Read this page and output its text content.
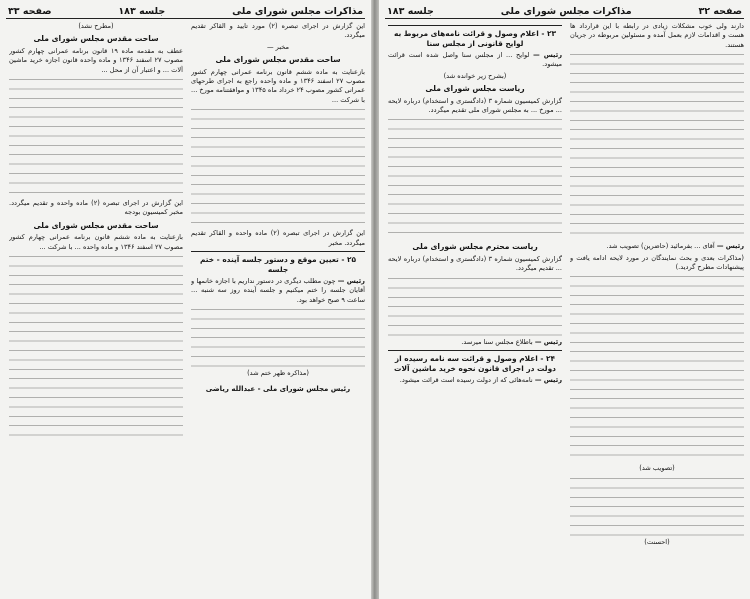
مذاکرات مجلس شورای ملی
جلسه ۱۸۳
صفحه ۳۳

اين گزارش در اجرای تبصره (۲) مورد تاييد و القاكر تقديم ميگردد.

مخبر —

ساحت مقدس مجلس شورای ملی

بازعنايت به ماده ششم قانون برنامه عمرانی چهارم كشور مصوب ۲۷ اسفند ۱۳۴۶ و ماده واحده راجع به اجرای طرحهای عمرانی كشور مصوب ۲۴ خرداد ماه ۱۳۴۵ و موافقتنامه مورخ ... با شركت ...

اين گزارش در اجرای تبصره (۲) ماده واحده و القاكر تقديم ميگردد. مخبر

۲۵ - تعيين موقع و دستور جلسه آينده - ختم جلسه

رئيس — چون مطلب ديگری در دستور نداريم با اجازه خانمها و آقايان جلسه را ختم ميكنيم و جلسه آينده روز سه شنبه ... ساعت ۹ صبح خواهد بود.

(مذاكره ظهر ختم شد)

رئيس مجلس شورای ملی - عبدالله رياضی

(مطرح نشد)

ساحت مقدس مجلس شورای ملی

عطف به مقدمه ماده ۱۹ قانون برنامه عمرانی چهارم كشور مصوب ۲۷ اسفند ۱۳۴۶ و ماده واحده قانون اجازه خريد ماشين آلات ... و اعتبار آن از محل ...

اين گزارش در اجرای تبصره (۲) ماده واحده و تقديم ميگردد. مخبر كميسيون بودجه

ساحت مقدس مجلس شورای ملی

بازعنايت به ماده ششم قانون برنامه عمرانی چهارم كشور مصوب ۲۷ اسفند ۱۳۴۶ و ماده واحده ... با شركت ...

صفحه ۳۲
مذاكرات مجلس شورای ملی
جلسه ۱۸۳

دارند ولی خوب مشكلات زيادی در رابطه با اين قرارداد ها هست و اقدامات لازم بعمل آمده و مسئولين مربوطه در جريان هستند.

رئيس — آقای ... بفرمائيد (حاضرين) تصويب شد.

(مذاكرات بعدی و بحث نمايندگان در مورد لايحه ادامه يافت و پيشنهادات مطرح گرديد.)

(تصويب شد)

(احسنت)

۲۳ - اعلام وصول و قرائت نامه‌های مربوط به لوايح قانونی از مجلس سنا

رئيس — لوايح ... از مجلس سنا واصل شده است قرائت ميشود.

(بشرح زير خوانده شد)

رياست مجلس شورای ملی

گزارش كميسيون شماره ۳ (دادگستری و استخدام) درباره لايحه ... مورخ ... به مجلس شورای ملی تقديم ميگردد.

رياست محترم مجلس شورای ملی

گزارش كميسيون شماره ۳ (دادگستری و استخدام) درباره لايحه ... تقديم ميگردد.

رئيس — باطلاع مجلس سنا ميرسد.

۲۴ - اعلام وصول و قرائت سه نامه رسيده از دولت در اجرای قانون نحوه خريد ماشين آلات

رئيس — نامه‌هائی كه از دولت رسيده است قرائت ميشود.
